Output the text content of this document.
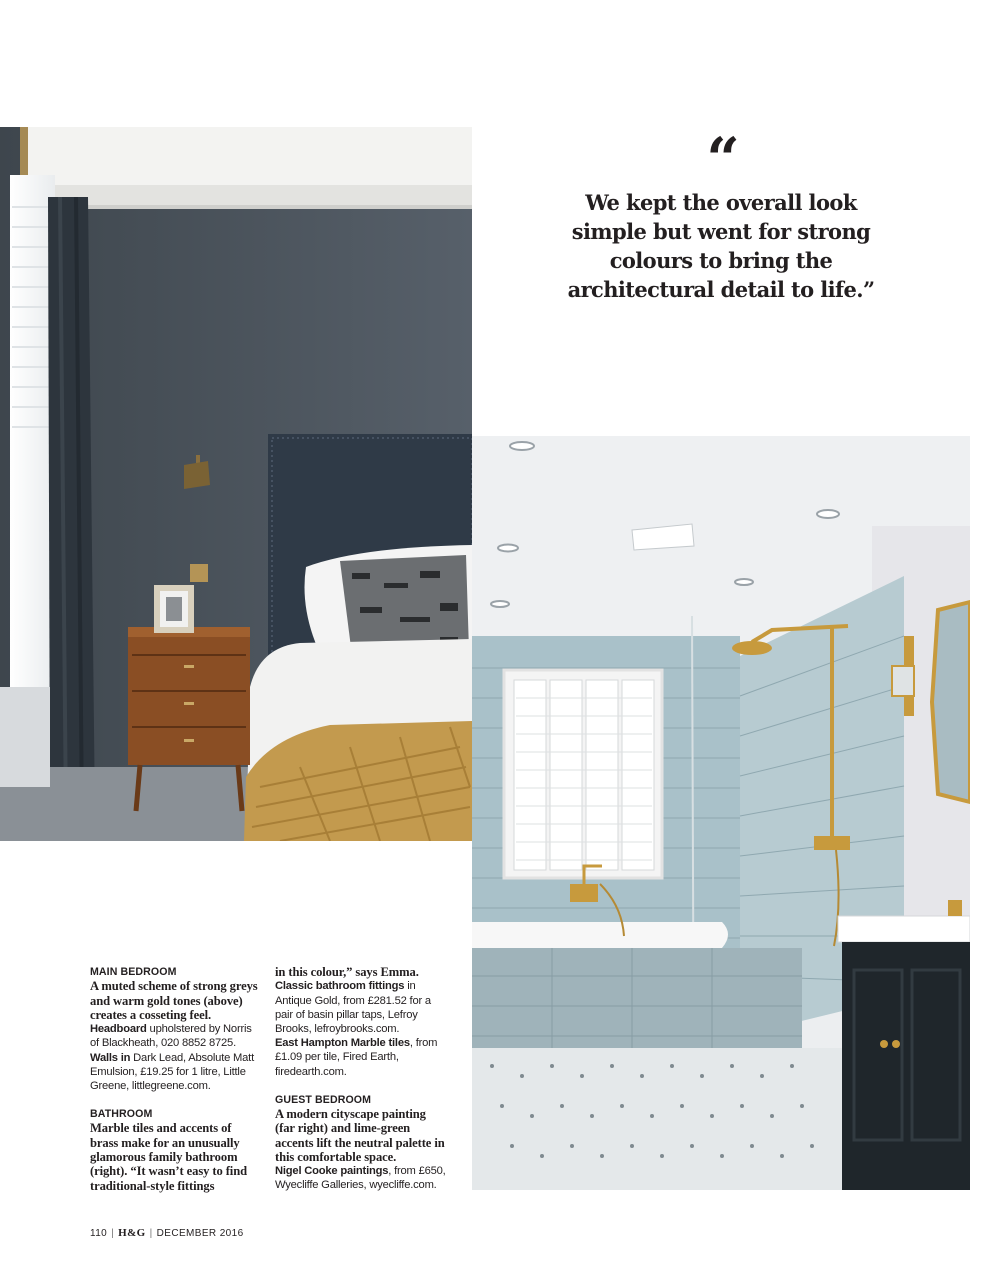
“

We kept the overall look simple but went for strong colours to bring the architectural detail to life.”

MAIN BEDROOM

A muted scheme of strong greys and warm gold tones (above) creates a cosseting feel.

Headboard upholstered by Norris of Blackheath, 020 8852 8725.

Walls in Dark Lead, Absolute Matt Emulsion, £19.25 for 1 litre, Little Greene, littlegreene.com.

BATHROOM

Marble tiles and accents of brass make for an unusually glamorous family bathroom (right). “It wasn’t easy to find traditional-style fittings

in this colour,” says Emma.

Classic bathroom fittings in Antique Gold, from £281.52 for a pair of basin pillar taps, Lefroy Brooks, lefroybrooks.com.

East Hampton Marble tiles, from £1.09 per tile, Fired Earth, firedearth.com.

GUEST BEDROOM

A modern cityscape painting (far right) and lime-green accents lift the neutral palette in this comfortable space.

Nigel Cooke paintings, from £650, Wyecliffe Galleries, wyecliffe.com.

110 | H&G | DECEMBER 2016
